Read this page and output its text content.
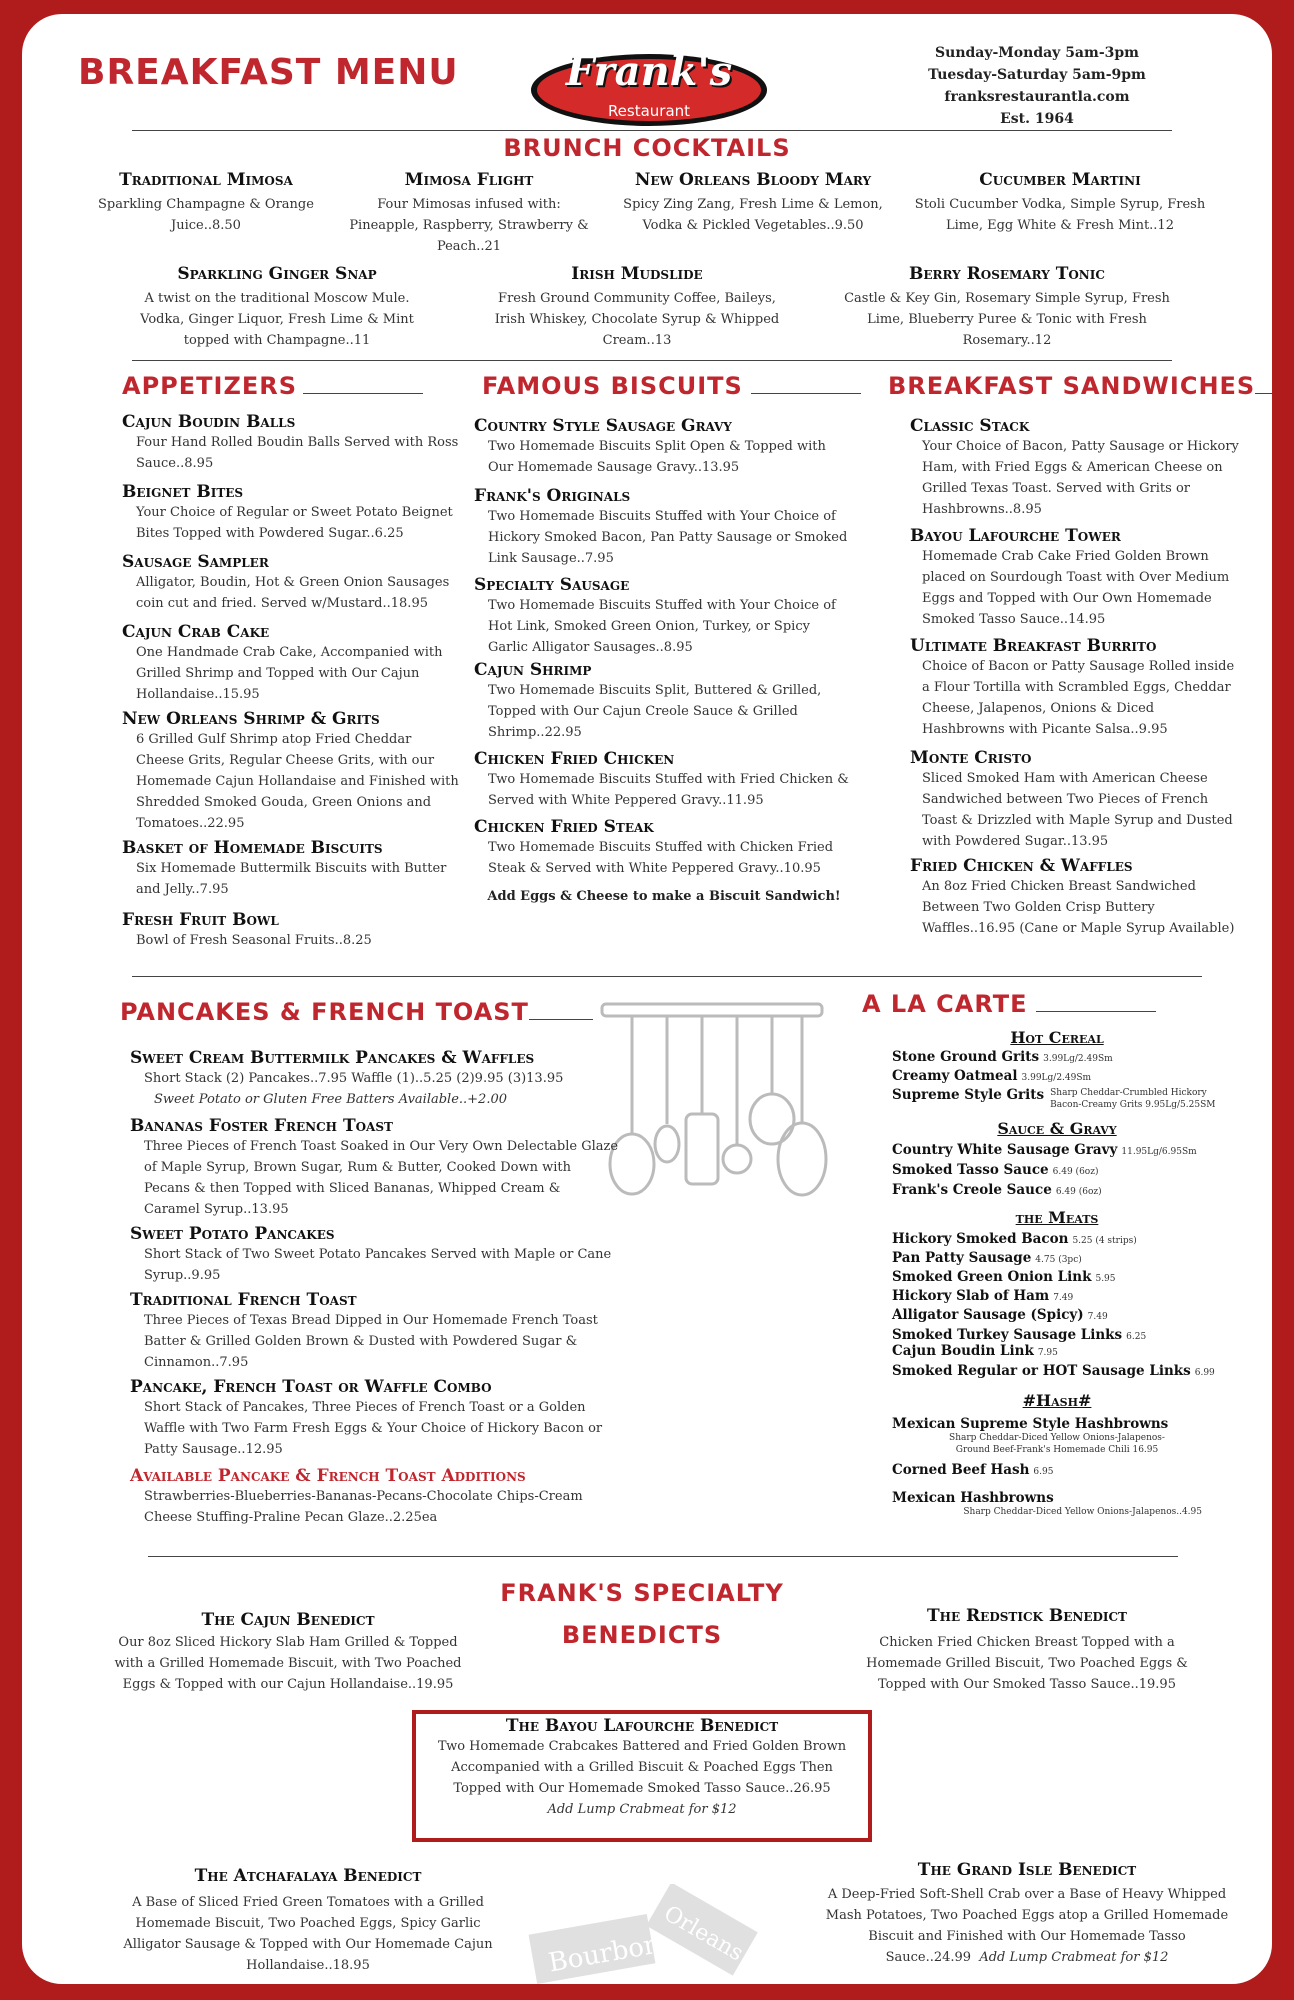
BREAKFAST MENU	Frank's
Restaurant
Sunday-Monday 5am-3pm
Tuesday-Saturday 5am-9pm
franksrestaurantla.com
Est. 1964
BRUNCH COCKTAILS
Traditional Mimosa
Sparkling Champagne & Orange Juice..8.50
Mimosa Flight
Four Mimosas infused with: Pineapple, Raspberry, Strawberry & Peach..21
New Orleans Bloody Mary
Spicy Zing Zang, Fresh Lime & Lemon, Vodka & Pickled Vegetables..9.50
Cucumber Martini
Stoli Cucumber Vodka, Simple Syrup, Fresh Lime, Egg White & Fresh Mint..12
Sparkling Ginger Snap
A twist on the traditional Moscow Mule. Vodka, Ginger Liquor, Fresh Lime & Mint topped with Champagne..11
Irish Mudslide
Fresh Ground Community Coffee, Baileys, Irish Whiskey, Chocolate Syrup & Whipped Cream..13
Berry Rosemary Tonic
Castle & Key Gin, Rosemary Simple Syrup, Fresh Lime, Blueberry Puree & Tonic with Fresh Rosemary..12
APPETIZERS
Cajun Boudin Balls
Four Hand Rolled Boudin Balls Served with Ross Sauce..8.95
Beignet Bites
Your Choice of Regular or Sweet Potato Beignet Bites Topped with Powdered Sugar..6.25
Sausage Sampler
Alligator, Boudin, Hot & Green Onion Sausages coin cut and fried. Served w/Mustard..18.95
Cajun Crab Cake
One Handmade Crab Cake, Accompanied with Grilled Shrimp and Topped with Our Cajun Hollandaise..15.95
New Orleans Shrimp & Grits
6 Grilled Gulf Shrimp atop Fried Cheddar Cheese Grits, Regular Cheese Grits, with our Homemade Cajun Hollandaise and Finished with Shredded Smoked Gouda, Green Onions and Tomatoes..22.95
Basket of Homemade Biscuits
Six Homemade Buttermilk Biscuits with Butter and Jelly..7.95
Fresh Fruit Bowl
Bowl of Fresh Seasonal Fruits..8.25
FAMOUS BISCUITS
Country Style Sausage Gravy
Two Homemade Biscuits Split Open & Topped with Our Homemade Sausage Gravy..13.95
Frank's Originals
Two Homemade Biscuits Stuffed with Your Choice of Hickory Smoked Bacon, Pan Patty Sausage or Smoked Link Sausage..7.95
Specialty Sausage
Two Homemade Biscuits Stuffed with Your Choice of Hot Link, Smoked Green Onion, Turkey, or Spicy Garlic Alligator Sausages..8.95
Cajun Shrimp
Two Homemade Biscuits Split, Buttered & Grilled, Topped with Our Cajun Creole Sauce & Grilled Shrimp..22.95
Chicken Fried Chicken
Two Homemade Biscuits Stuffed with Fried Chicken & Served with White Peppered Gravy..11.95
Chicken Fried Steak
Two Homemade Biscuits Stuffed with Chicken Fried Steak & Served with White Peppered Gravy..10.95
Add Eggs & Cheese to make a Biscuit Sandwich!
BREAKFAST SANDWICHES
Classic Stack
Your Choice of Bacon, Patty Sausage or Hickory Ham, with Fried Eggs & American Cheese on Grilled Texas Toast. Served with Grits or Hashbrowns..8.95
Bayou Lafourche Tower
Homemade Crab Cake Fried Golden Brown placed on Sourdough Toast with Over Medium Eggs and Topped with Our Own Homemade Smoked Tasso Sauce..14.95
Ultimate Breakfast Burrito
Choice of Bacon or Patty Sausage Rolled inside a Flour Tortilla with Scrambled Eggs, Cheddar Cheese, Jalapenos, Onions & Diced Hashbrowns with Picante Salsa..9.95
Monte Cristo
Sliced Smoked Ham with American Cheese Sandwiched between Two Pieces of French Toast & Drizzled with Maple Syrup and Dusted with Powdered Sugar..13.95
Fried Chicken & Waffles
An 8oz Fried Chicken Breast Sandwiched Between Two Golden Crisp Buttery Waffles..16.95 (Cane or Maple Syrup Available)
PANCAKES & FRENCH TOAST
Sweet Cream Buttermilk Pancakes & Waffles
Short Stack (2) Pancakes..7.95 Waffle (1)..5.25 (2)9.95 (3)13.95
Sweet Potato or Gluten Free Batters Available..+2.00
Bananas Foster French Toast
Three Pieces of French Toast Soaked in Our Very Own Delectable Glaze of Maple Syrup, Brown Sugar, Rum & Butter, Cooked Down with Pecans & then Topped with Sliced Bananas, Whipped Cream & Caramel Syrup..13.95
Sweet Potato Pancakes
Short Stack of Two Sweet Potato Pancakes Served with Maple or Cane Syrup..9.95
Traditional French Toast
Three Pieces of Texas Bread Dipped in Our Homemade French Toast Batter & Grilled Golden Brown & Dusted with Powdered Sugar & Cinnamon..7.95
Pancake, French Toast or Waffle Combo
Short Stack of Pancakes, Three Pieces of French Toast or a Golden Waffle with Two Farm Fresh Eggs & Your Choice of Hickory Bacon or Patty Sausage..12.95
Available Pancake & French Toast Additions
Strawberries-Blueberries-Bananas-Pecans-Chocolate Chips-Cream Cheese Stuffing-Praline Pecan Glaze..2.25ea
A LA CARTE
Hot Cereal
Stone Ground Grits 3.99Lg/2.49Sm
Creamy Oatmeal 3.99Lg/2.49Sm
Supreme Style Grits Sharp Cheddar-Crumbled Hickory Bacon-Creamy Grits 9.95Lg/5.25SM
Sauce & Gravy
Country White Sausage Gravy 11.95Lg/6.95Sm
Smoked Tasso Sauce 6.49 (6oz)
Frank's Creole Sauce 6.49 (6oz)
the Meats
Hickory Smoked Bacon 5.25 (4 strips)
Pan Patty Sausage 4.75 (3pc)
Smoked Green Onion Link 5.95
Hickory Slab of Ham 7.49
Alligator Sausage (Spicy) 7.49
Smoked Turkey Sausage Links 6.25
Cajun Boudin Link 7.95
Smoked Regular or HOT Sausage Links 6.99
#Hash#
Mexican Supreme Style Hashbrowns
Sharp Cheddar-Diced Yellow Onions-Jalapenos-
Ground Beef-Frank's Homemade Chili 16.95
Corned Beef Hash 6.95
Mexican Hashbrowns
Sharp Cheddar-Diced Yellow Onions-Jalapenos..4.95
FRANK'S SPECIALTY
BENEDICTS
The Cajun Benedict
Our 8oz Sliced Hickory Slab Ham Grilled & Topped with a Grilled Homemade Biscuit, with Two Poached Eggs & Topped with our Cajun Hollandaise..19.95
The Redstick Benedict
Chicken Fried Chicken Breast Topped with a Homemade Grilled Biscuit, Two Poached Eggs & Topped with Our Smoked Tasso Sauce..19.95
The Bayou Lafourche Benedict
Two Homemade Crabcakes Battered and Fried Golden Brown Accompanied with a Grilled Biscuit & Poached Eggs Then Topped with Our Homemade Smoked Tasso Sauce..26.95
Add Lump Crabmeat for $12
Bourbon
Orleans
The Atchafalaya Benedict
A Base of Sliced Fried Green Tomatoes with a Grilled Homemade Biscuit, Two Poached Eggs, Spicy Garlic Alligator Sausage & Topped with Our Homemade Cajun Hollandaise..18.95
The Grand Isle Benedict
A Deep-Fried Soft-Shell Crab over a Base of Heavy Whipped Mash Potatoes, Two Poached Eggs atop a Grilled Homemade Biscuit and Finished with Our Homemade Tasso Sauce..24.99 Add Lump Crabmeat for $12
